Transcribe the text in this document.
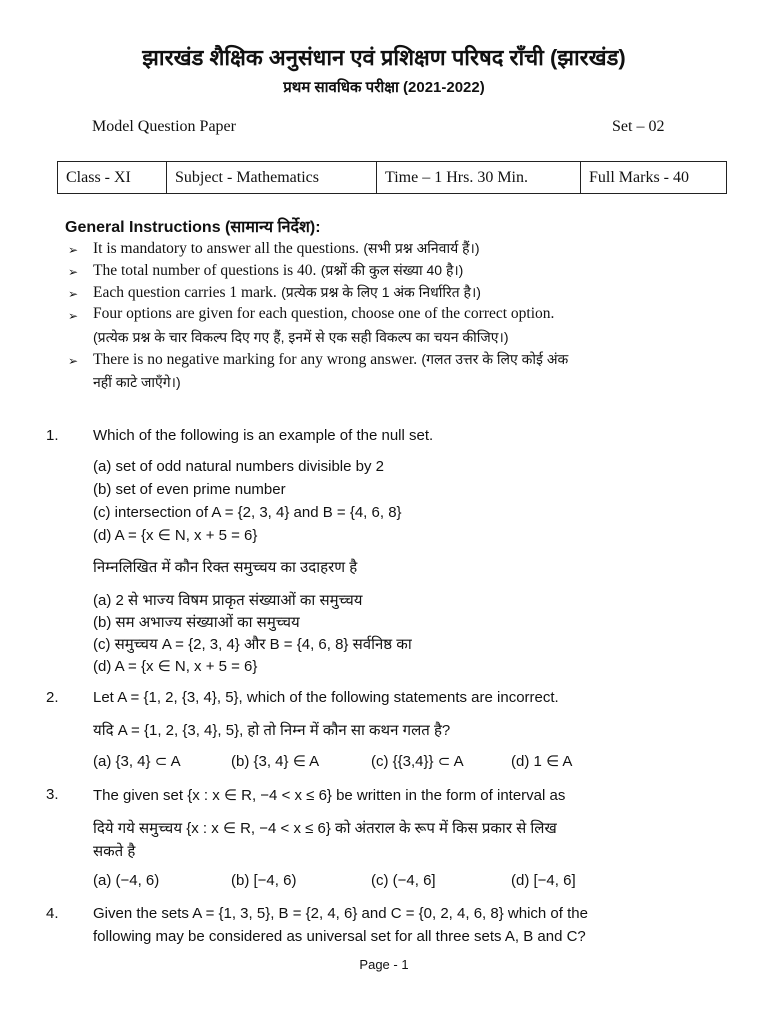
झारखंड शैक्षिक अनुसंधान एवं प्रशिक्षण परिषद राँची (झारखंड)
प्रथम सावधिक परीक्षा (2021-2022)
Model Question Paper	Set – 02
Class - XI	Subject - Mathematics	Time – 1 Hrs. 30 Min.	Full Marks - 40
General Instructions (सामान्य निर्देश):
➢ It is mandatory to answer all the questions. (सभी प्रश्न अनिवार्य हैं।)
➢ The total number of questions is 40. (प्रश्नों की कुल संख्या 40 है।)
➢ Each question carries 1 mark. (प्रत्येक प्रश्न के लिए 1 अंक निर्धारित है।)
➢ Four options are given for each question, choose one of the correct option.
(प्रत्येक प्रश्न के चार विकल्प दिए गए हैं, इनमें से एक सही विकल्प का चयन कीजिए।)
➢ There is no negative marking for any wrong answer. (गलत उत्तर के लिए कोई अंक
नहीं काटे जाएँगे।)
1. Which of the following is an example of the null set.
(a) set of odd natural numbers divisible by 2
(b) set of even prime number
(c) intersection of A = {2, 3, 4} and B = {4, 6, 8}
(d) A = {x ∈ N, x + 5 = 6}
निम्नलिखित में कौन रिक्त समुच्चय का उदाहरण है
(a) 2 से भाज्य विषम प्राकृत संख्याओं का समुच्चय
(b) सम अभाज्य संख्याओं का समुच्चय
(c) समुच्चय A = {2, 3, 4} और B = {4, 6, 8} सर्वनिष्ठ का
(d) A = {x ∈ N, x + 5 = 6}
2. Let A = {1, 2, {3, 4}, 5}, which of the following statements are incorrect.
यदि A = {1, 2, {3, 4}, 5}, हो तो निम्न में कौन सा कथन गलत है?
(a) {3, 4} ⊂ A	(b) {3, 4} ∈ A	(c) {{3,4}} ⊂ A	(d) 1 ∈ A
3. The given set {x : x ∈ R, −4 < x ≤ 6} be written in the form of interval as
दिये गये समुच्चय {x : x ∈ R, −4 < x ≤ 6} को अंतराल के रूप में किस प्रकार से लिख
सकते है
(a) (−4, 6)	(b) [−4, 6)	(c) (−4, 6]	(d) [−4, 6]
4. Given the sets A = {1, 3, 5}, B = {2, 4, 6} and C = {0, 2, 4, 6, 8} which of the
following may be considered as universal set for all three sets A, B and C?
Page - 1
